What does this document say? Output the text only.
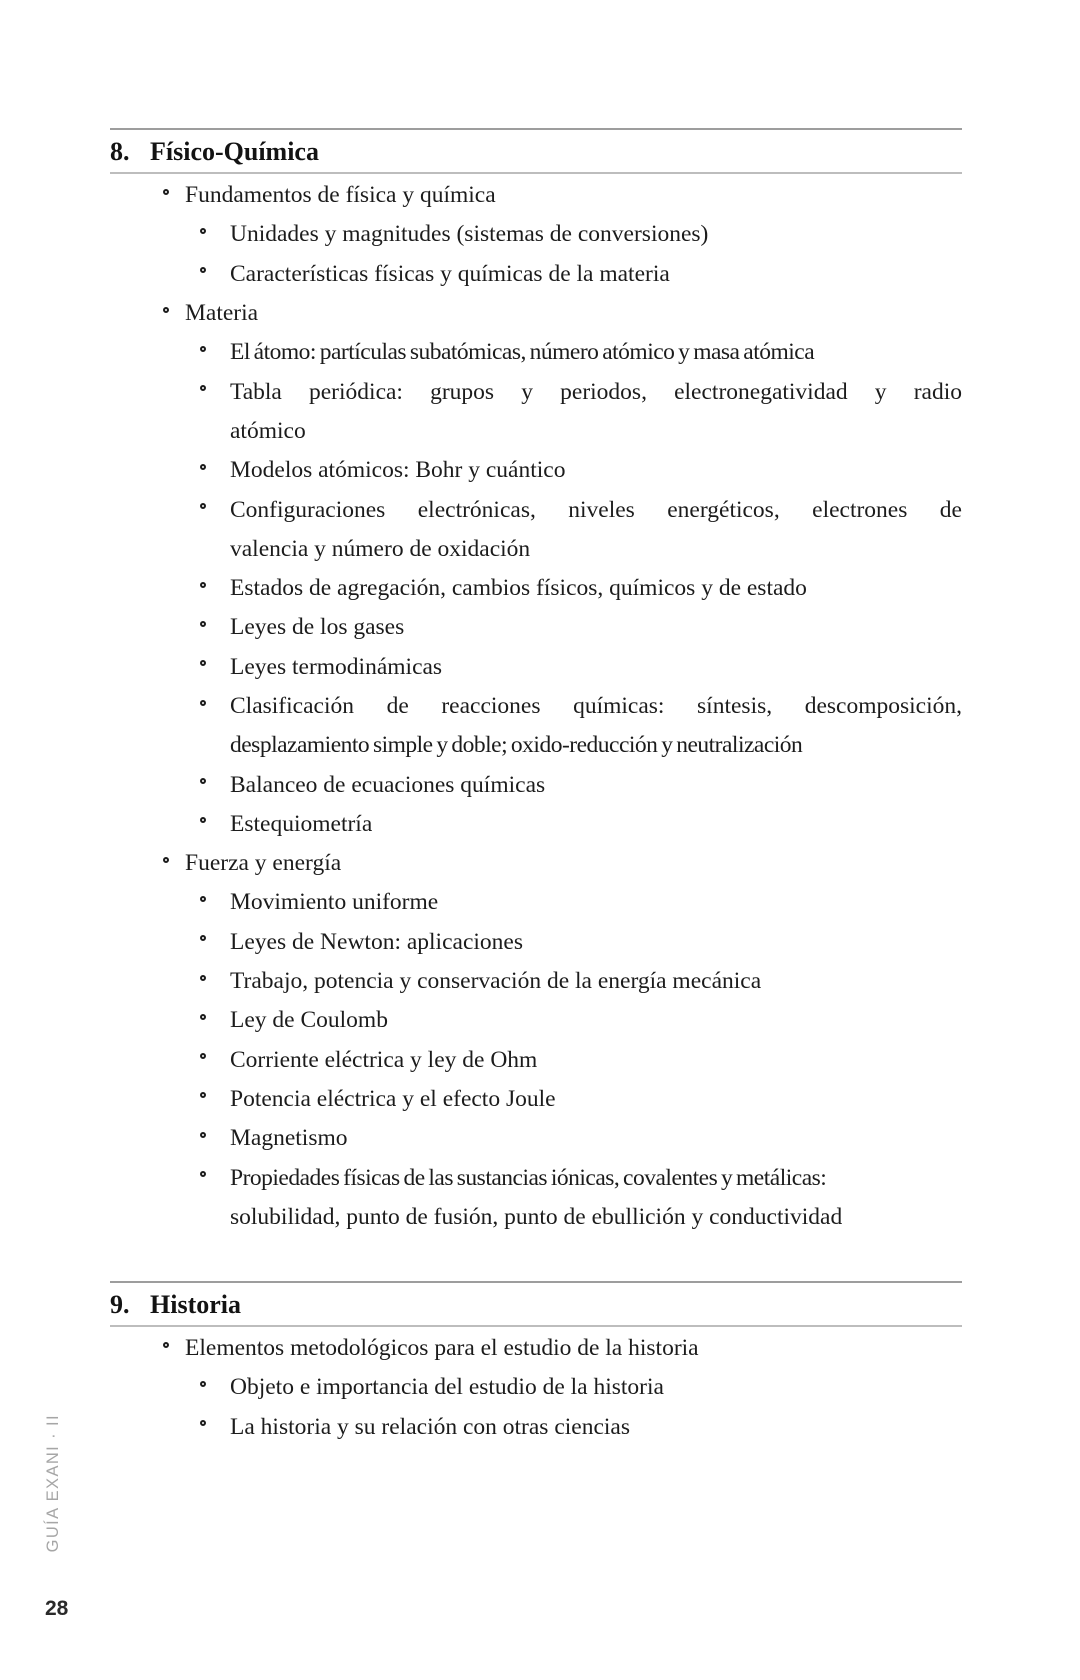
8. Físico-Química
Fundamentos de física y química
Unidades y magnitudes (sistemas de conversiones)
Características físicas y químicas de la materia
Materia
El átomo: partículas subatómicas, número atómico y masa atómica
Tabla periódica: grupos y periodos, electronegatividad y radio
atómico
Modelos atómicos: Bohr y cuántico
Configuraciones electrónicas, niveles energéticos, electrones de
valencia y número de oxidación
Estados de agregación, cambios físicos, químicos y de estado
Leyes de los gases
Leyes termodinámicas
Clasificación de reacciones químicas: síntesis, descomposición,
desplazamiento simple y doble; oxido-reducción y neutralización
Balanceo de ecuaciones químicas
Estequiometría
Fuerza y energía
Movimiento uniforme
Leyes de Newton: aplicaciones
Trabajo, potencia y conservación de la energía mecánica
Ley de Coulomb
Corriente eléctrica y ley de Ohm
Potencia eléctrica y el efecto Joule
Magnetismo
Propiedades físicas de las sustancias iónicas, covalentes y metálicas:
solubilidad, punto de fusión, punto de ebullición y conductividad
9. Historia
Elementos metodológicos para el estudio de la historia
Objeto e importancia del estudio de la historia
La historia y su relación con otras ciencias
GUÍA EXANI · II
28
